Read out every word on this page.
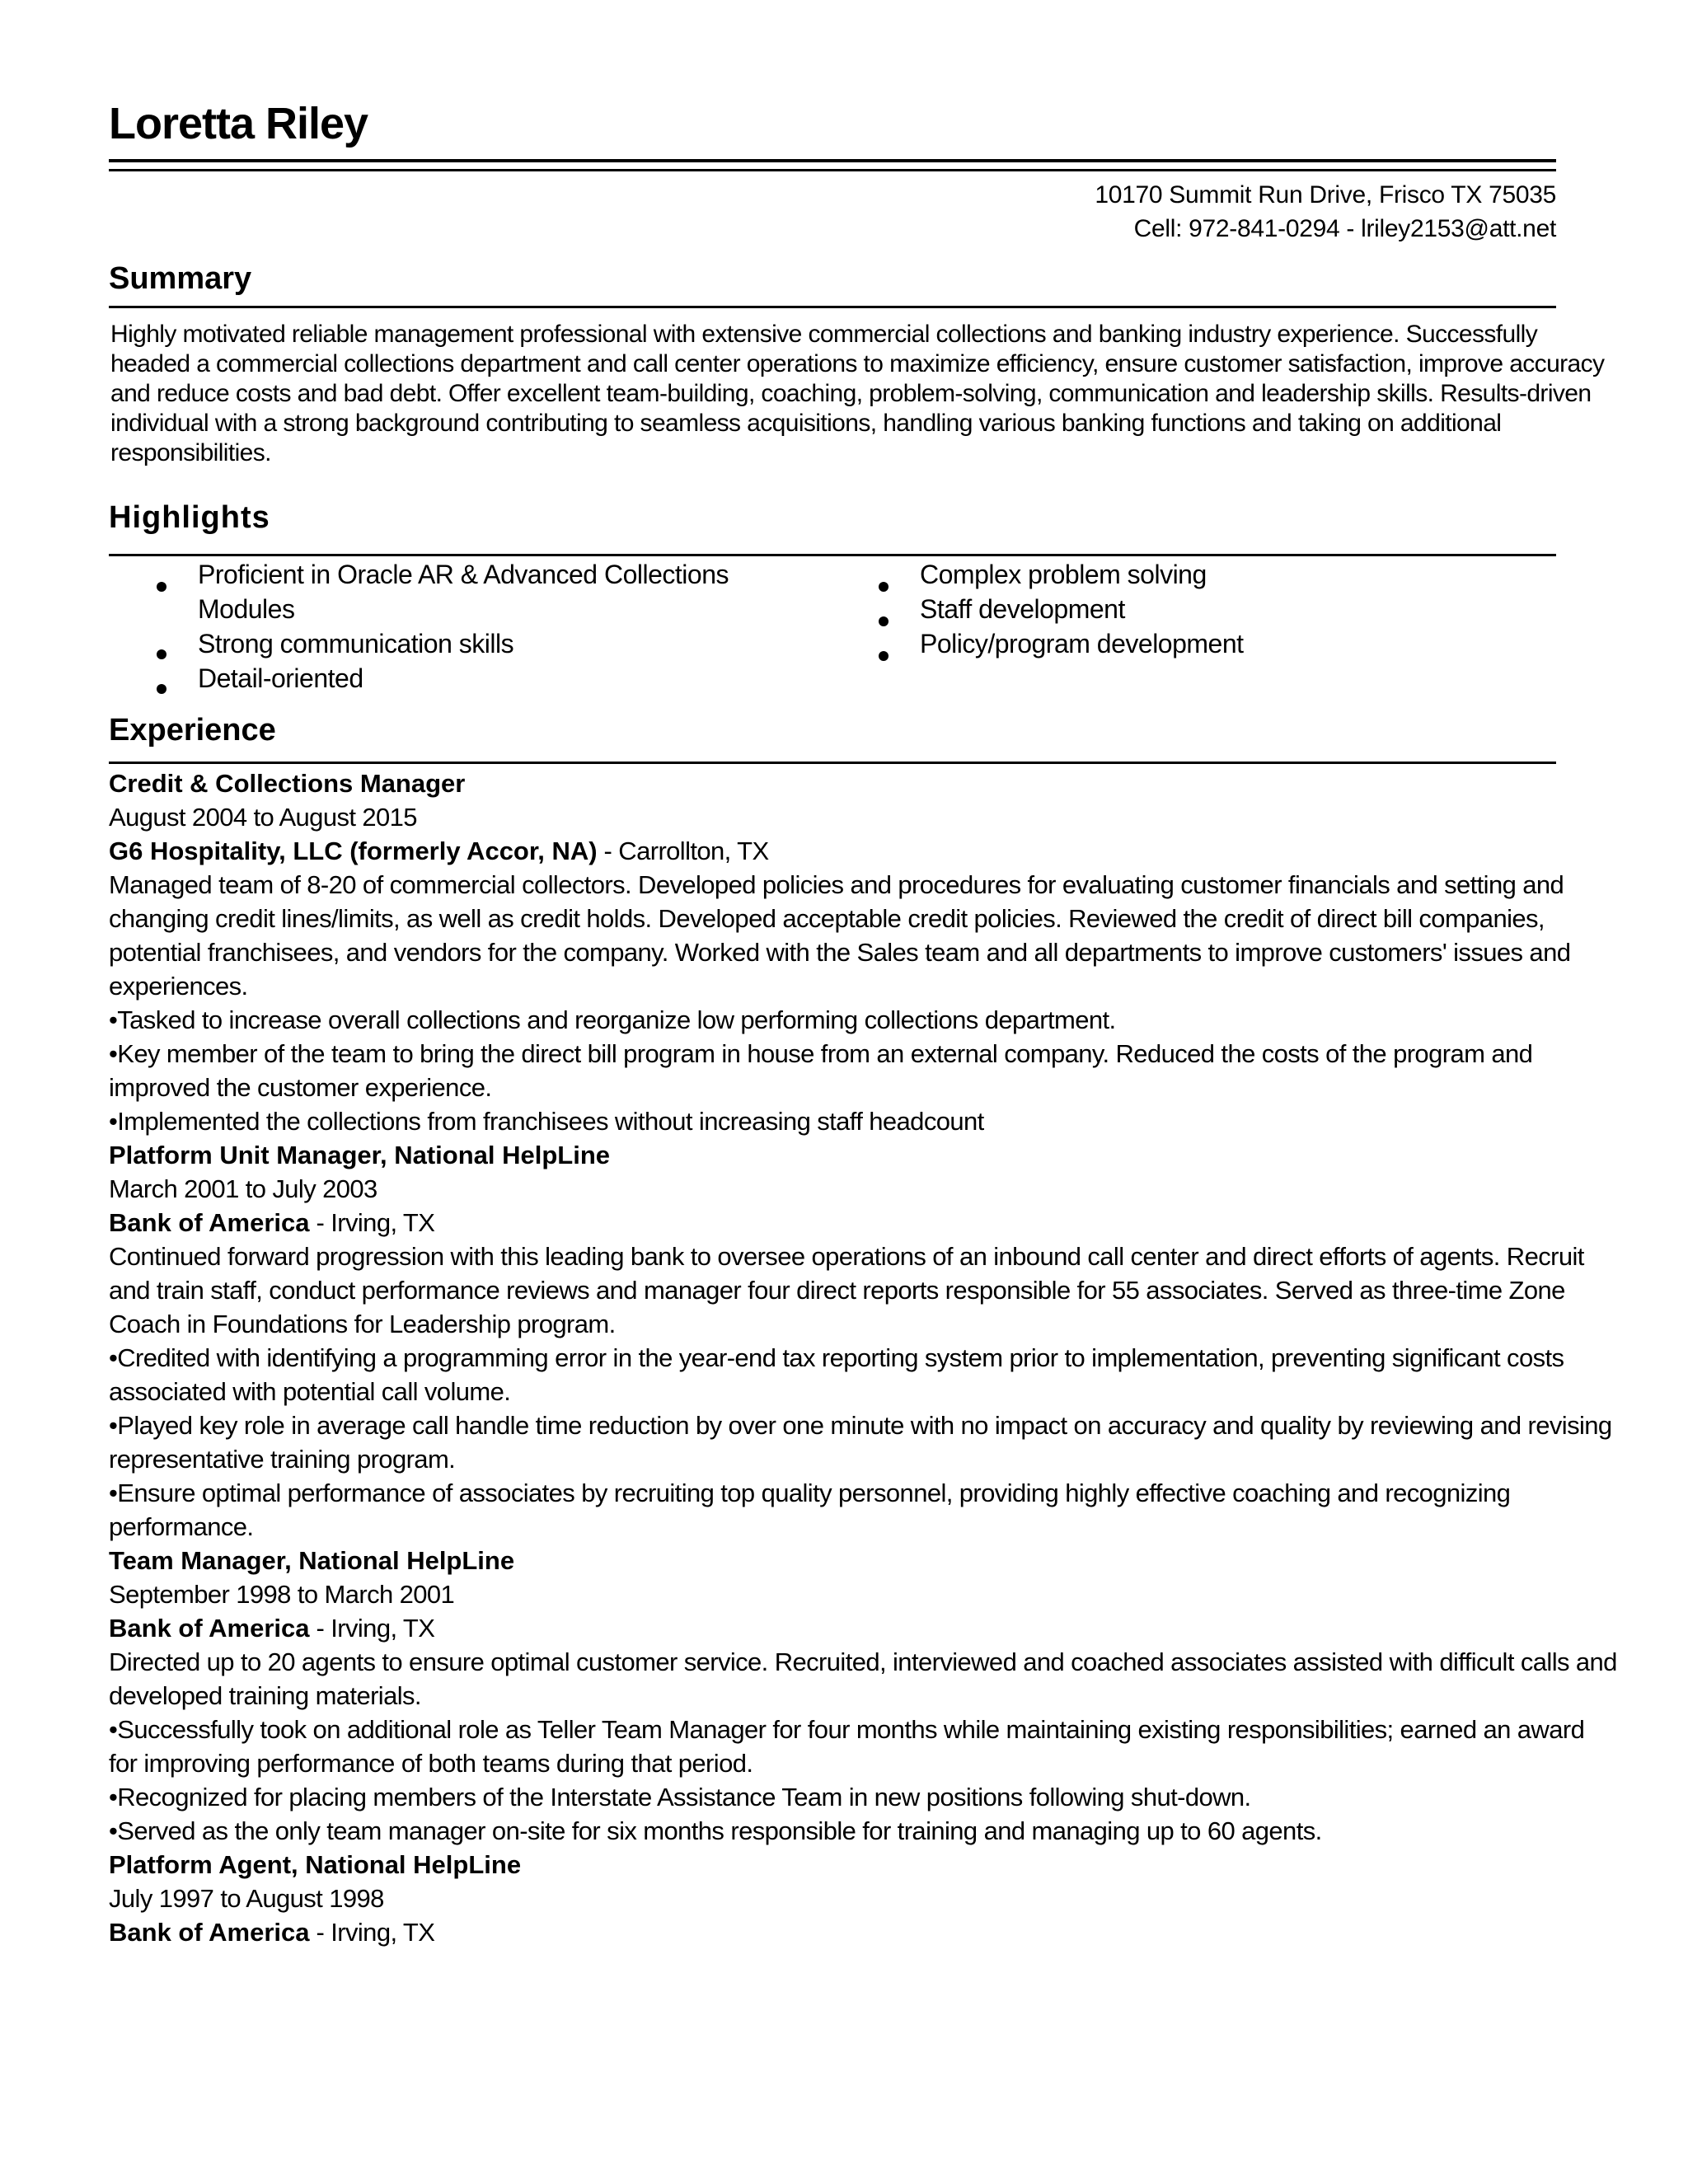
Loretta Riley
10170 Summit Run Drive, Frisco TX 75035
Cell: 972-841-0294 - lriley2153@att.net
Summary

Highly motivated reliable management professional with extensive commercial collections and banking industry experience. Successfully headed a commercial collections department and call center operations to maximize efficiency, ensure customer satisfaction, improve accuracy and reduce costs and bad debt. Offer excellent team-building, coaching, problem-solving, communication and leadership skills. Results-driven individual with a strong background contributing to seamless acquisitions, handling various banking functions and taking on additional responsibilities.

Highlights
Proficient in Oracle AR & Advanced Collections Modules
Strong communication skills
Detail-oriented
Complex problem solving
Staff development
Policy/program development
Experience

Credit & Collections Manager

August 2004 to August 2015

G6 Hospitality, LLC (formerly Accor, NA) - Carrollton, TX

Managed team of 8-20 of commercial collectors. Developed policies and procedures for evaluating customer financials and setting and changing credit lines/limits, as well as credit holds. Developed acceptable credit policies. Reviewed the credit of direct bill companies, potential franchisees, and vendors for the company. Worked with the Sales team and all departments to improve customers' issues and experiences.

•Tasked to increase overall collections and reorganize low performing collections department.

•Key member of the team to bring the direct bill program in house from an external company. Reduced the costs of the program and improved the customer experience.

•Implemented the collections from franchisees without increasing staff headcount

Platform Unit Manager, National HelpLine

March 2001 to July 2003

Bank of America - Irving, TX

Continued forward progression with this leading bank to oversee operations of an inbound call center and direct efforts of agents. Recruit and train staff, conduct performance reviews and manager four direct reports responsible for 55 associates. Served as three-time Zone Coach in Foundations for Leadership program.

•Credited with identifying a programming error in the year-end tax reporting system prior to implementation, preventing significant costs associated with potential call volume.

•Played key role in average call handle time reduction by over one minute with no impact on accuracy and quality by reviewing and revising representative training program.

•Ensure optimal performance of associates by recruiting top quality personnel, providing highly effective coaching and recognizing performance.

Team Manager, National HelpLine

September 1998 to March 2001

Bank of America - Irving, TX

Directed up to 20 agents to ensure optimal customer service. Recruited, interviewed and coached associates assisted with difficult calls and developed training materials.

•Successfully took on additional role as Teller Team Manager for four months while maintaining existing responsibilities; earned an award for improving performance of both teams during that period.

•Recognized for placing members of the Interstate Assistance Team in new positions following shut-down.

•Served as the only team manager on-site for six months responsible for training and managing up to 60 agents.

Platform Agent, National HelpLine

July 1997 to August 1998

Bank of America - Irving, TX
